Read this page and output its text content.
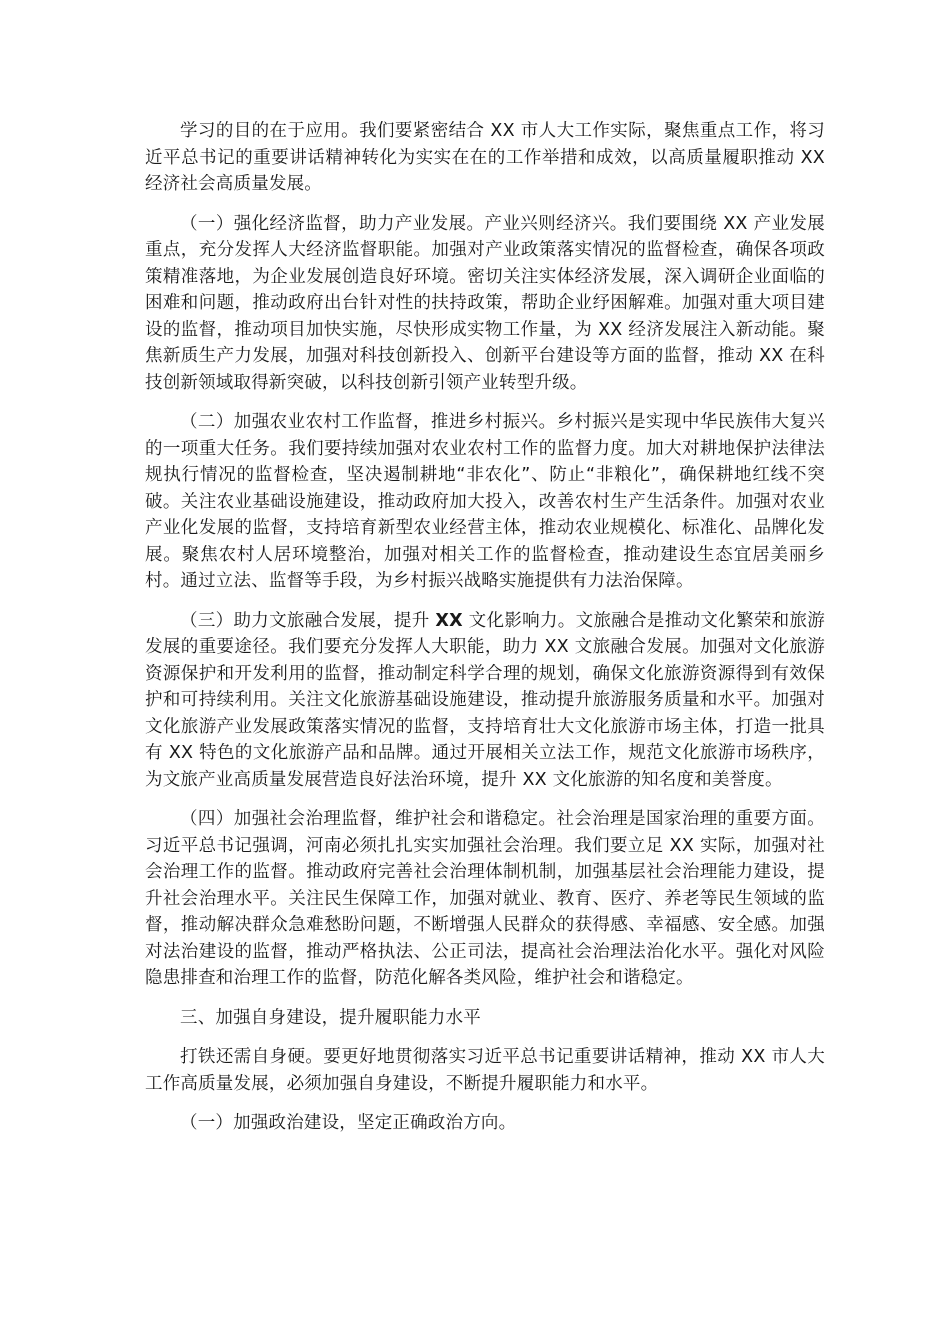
学习的目的在于应用。我们要紧密结合 XX 市人大工作实际，聚焦重点工作，将习近平总书记的重要讲话精神转化为实实在在的工作举措和成效，以高质量履职推动 XX 经济社会高质量发展。

（一）强化经济监督，助力产业发展。产业兴则经济兴。我们要围绕 XX 产业发展重点，充分发挥人大经济监督职能。加强对产业政策落实情况的监督检查，确保各项政策精准落地，为企业发展创造良好环境。密切关注实体经济发展，深入调研企业面临的困难和问题，推动政府出台针对性的扶持政策，帮助企业纾困解难。加强对重大项目建设的监督，推动项目加快实施，尽快形成实物工作量，为 XX 经济发展注入新动能。聚焦新质生产力发展，加强对科技创新投入、创新平台建设等方面的监督，推动 XX 在科技创新领域取得新突破，以科技创新引领产业转型升级。

（二）加强农业农村工作监督，推进乡村振兴。乡村振兴是实现中华民族伟大复兴的一项重大任务。我们要持续加强对农业农村工作的监督力度。加大对耕地保护法律法规执行情况的监督检查，坚决遏制耕地“非农化”、防止“非粮化”，确保耕地红线不突破。关注农业基础设施建设，推动政府加大投入，改善农村生产生活条件。加强对农业产业化发展的监督，支持培育新型农业经营主体，推动农业规模化、标准化、品牌化发展。聚焦农村人居环境整治，加强对相关工作的监督检查，推动建设生态宜居美丽乡村。通过立法、监督等手段，为乡村振兴战略实施提供有力法治保障。

（三）助力文旅融合发展，提升 XX 文化影响力。文旅融合是推动文化繁荣和旅游发展的重要途径。我们要充分发挥人大职能，助力 XX 文旅融合发展。加强对文化旅游资源保护和开发利用的监督，推动制定科学合理的规划，确保文化旅游资源得到有效保护和可持续利用。关注文化旅游基础设施建设，推动提升旅游服务质量和水平。加强对文化旅游产业发展政策落实情况的监督，支持培育壮大文化旅游市场主体，打造一批具有 XX 特色的文化旅游产品和品牌。通过开展相关立法工作，规范文化旅游市场秩序，为文旅产业高质量发展营造良好法治环境，提升 XX 文化旅游的知名度和美誉度。

（四）加强社会治理监督，维护社会和谐稳定。社会治理是国家治理的重要方面。习近平总书记强调，河南必须扎扎实实加强社会治理。我们要立足 XX 实际，加强对社会治理工作的监督。推动政府完善社会治理体制机制，加强基层社会治理能力建设，提升社会治理水平。关注民生保障工作，加强对就业、教育、医疗、养老等民生领域的监督，推动解决群众急难愁盼问题，不断增强人民群众的获得感、幸福感、安全感。加强对法治建设的监督，推动严格执法、公正司法，提高社会治理法治化水平。强化对风险隐患排查和治理工作的监督，防范化解各类风险，维护社会和谐稳定。

三、加强自身建设，提升履职能力水平

打铁还需自身硬。要更好地贯彻落实习近平总书记重要讲话精神，推动 XX 市人大工作高质量发展，必须加强自身建设，不断提升履职能力和水平。

（一）加强政治建设，坚定正确政治方向。
